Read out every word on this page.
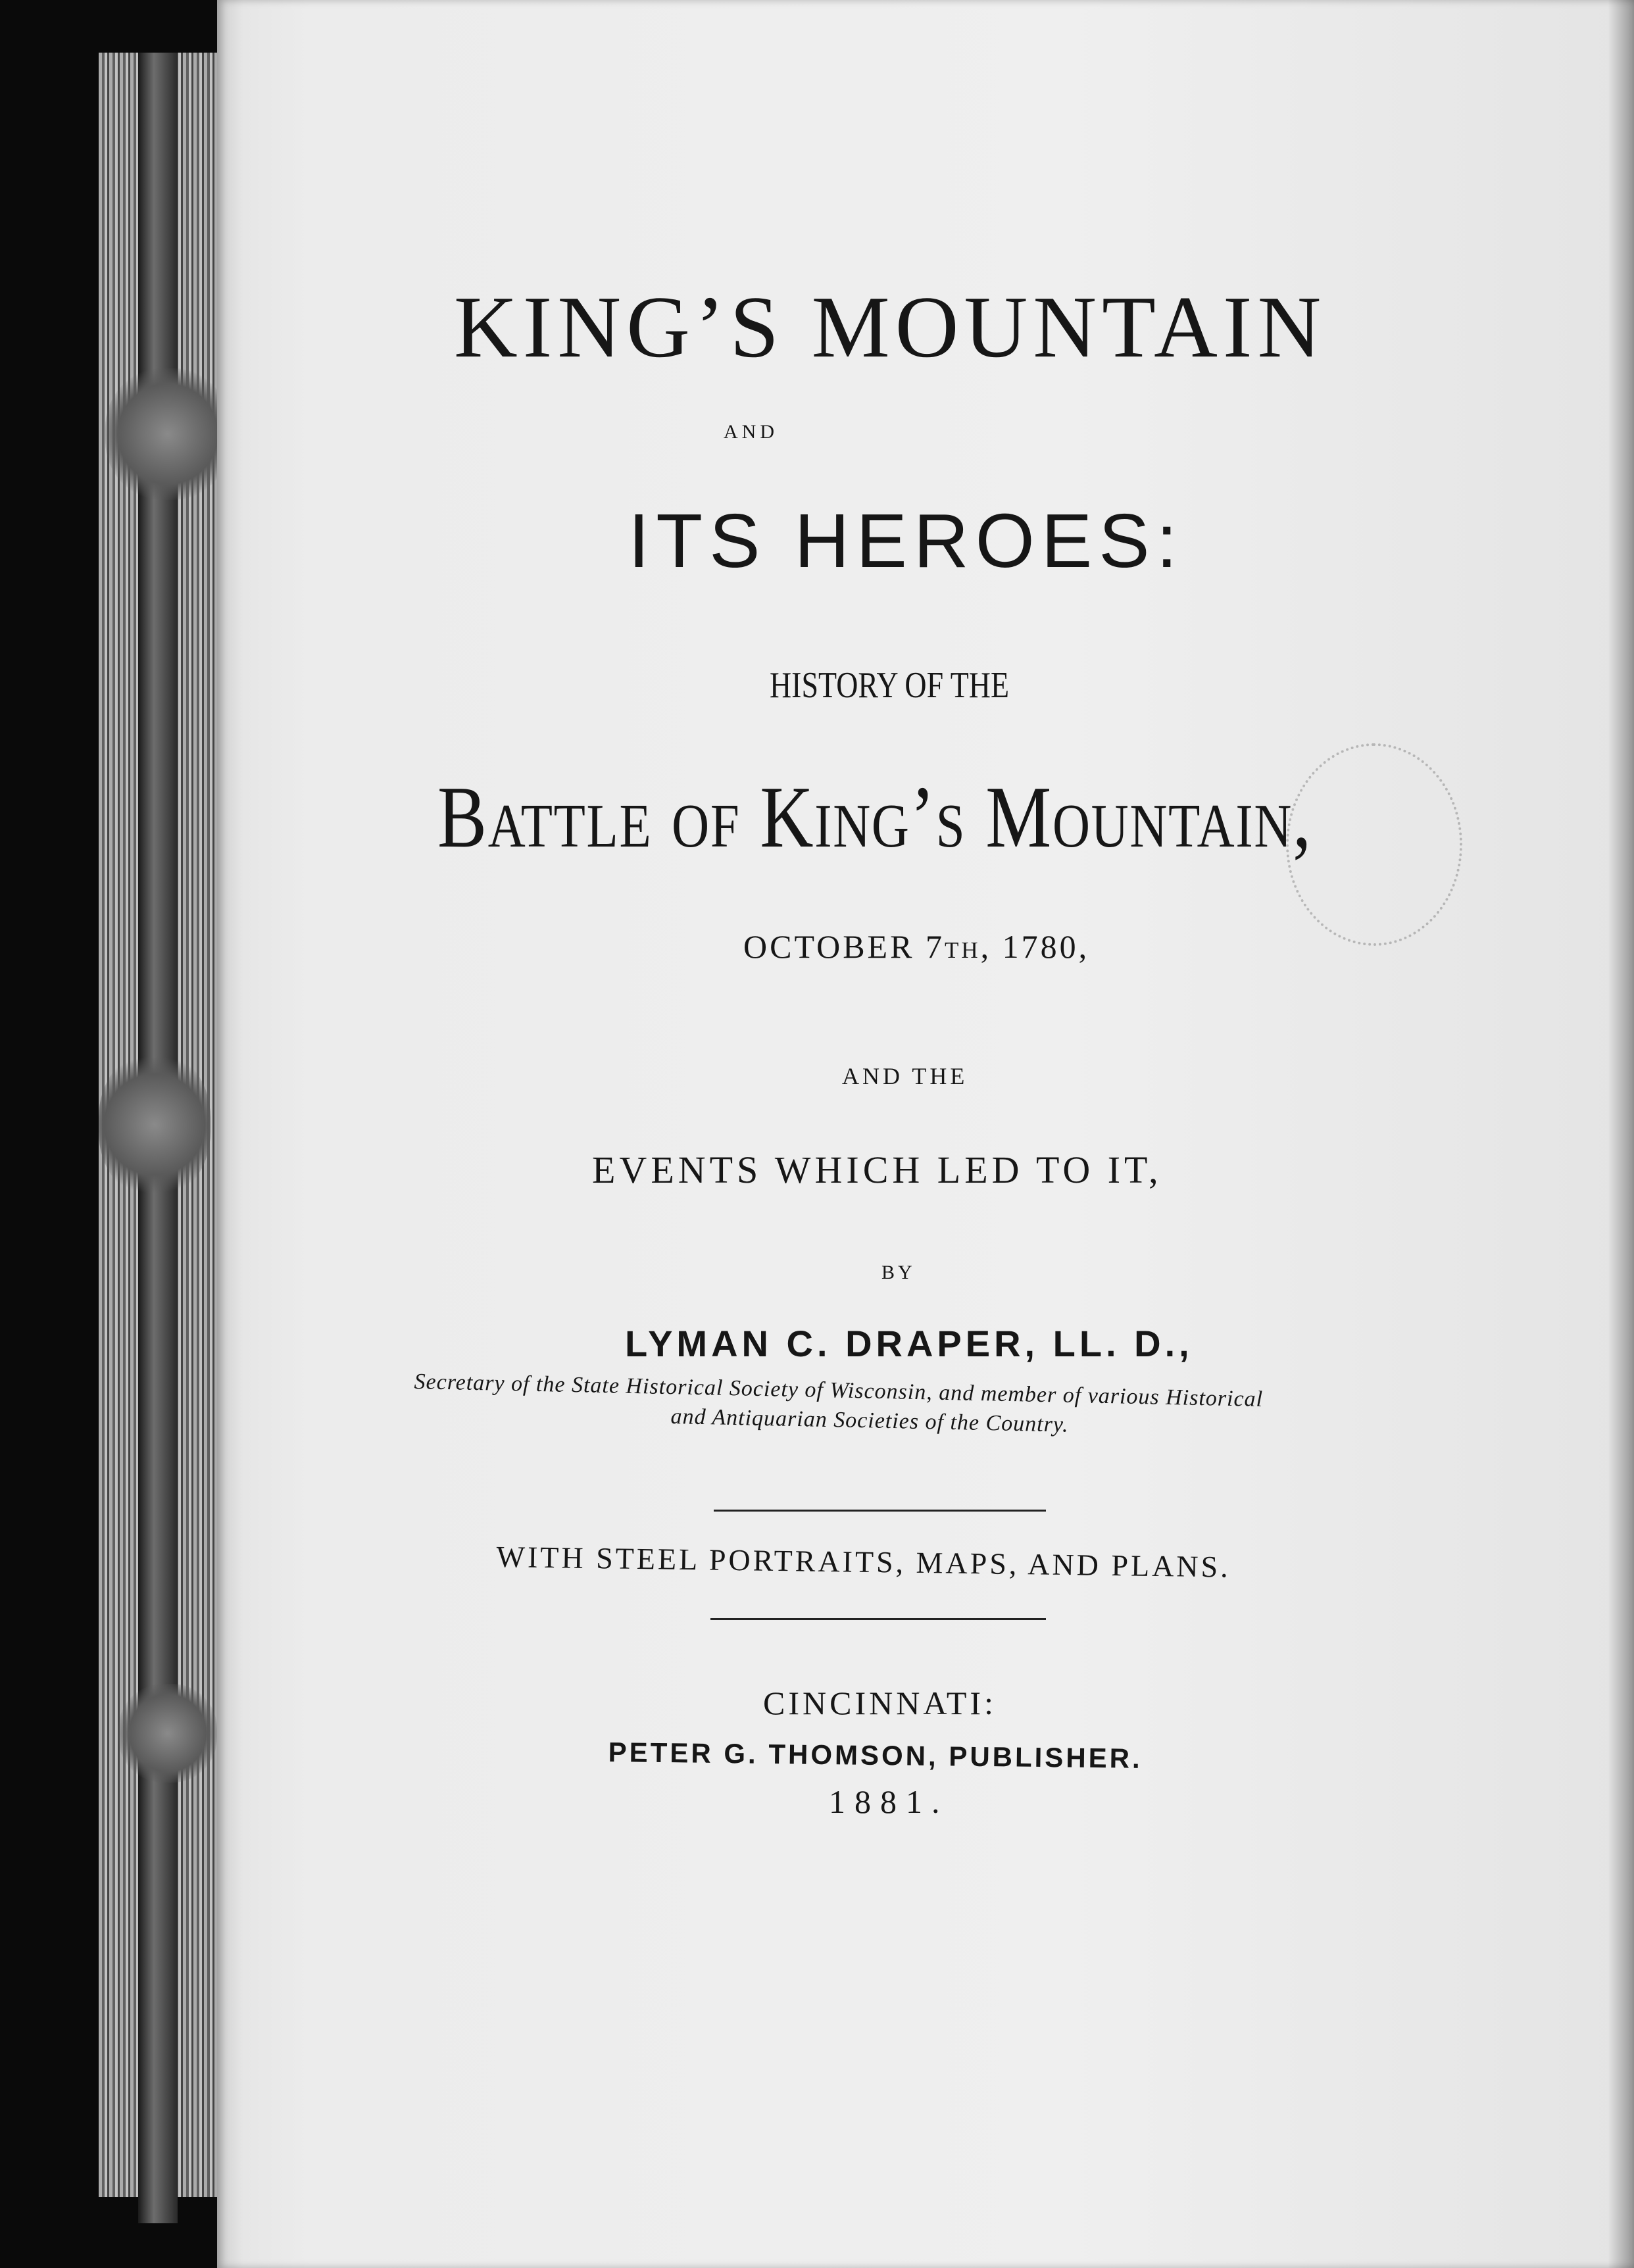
KING’S MOUNTAIN
AND
ITS HEROES:
HISTORY OF THE
Battle of King’s Mountain,
OCTOBER 7th, 1780,
AND THE
EVENTS WHICH LED TO IT,
BY
LYMAN C. DRAPER, LL. D.,
Secretary of the State Historical Society of Wisconsin, and member of various Historical
and Antiquarian Societies of the Country.
WITH STEEL PORTRAITS, MAPS, AND PLANS.
CINCINNATI:
PETER G. THOMSON, PUBLISHER.
1881.
